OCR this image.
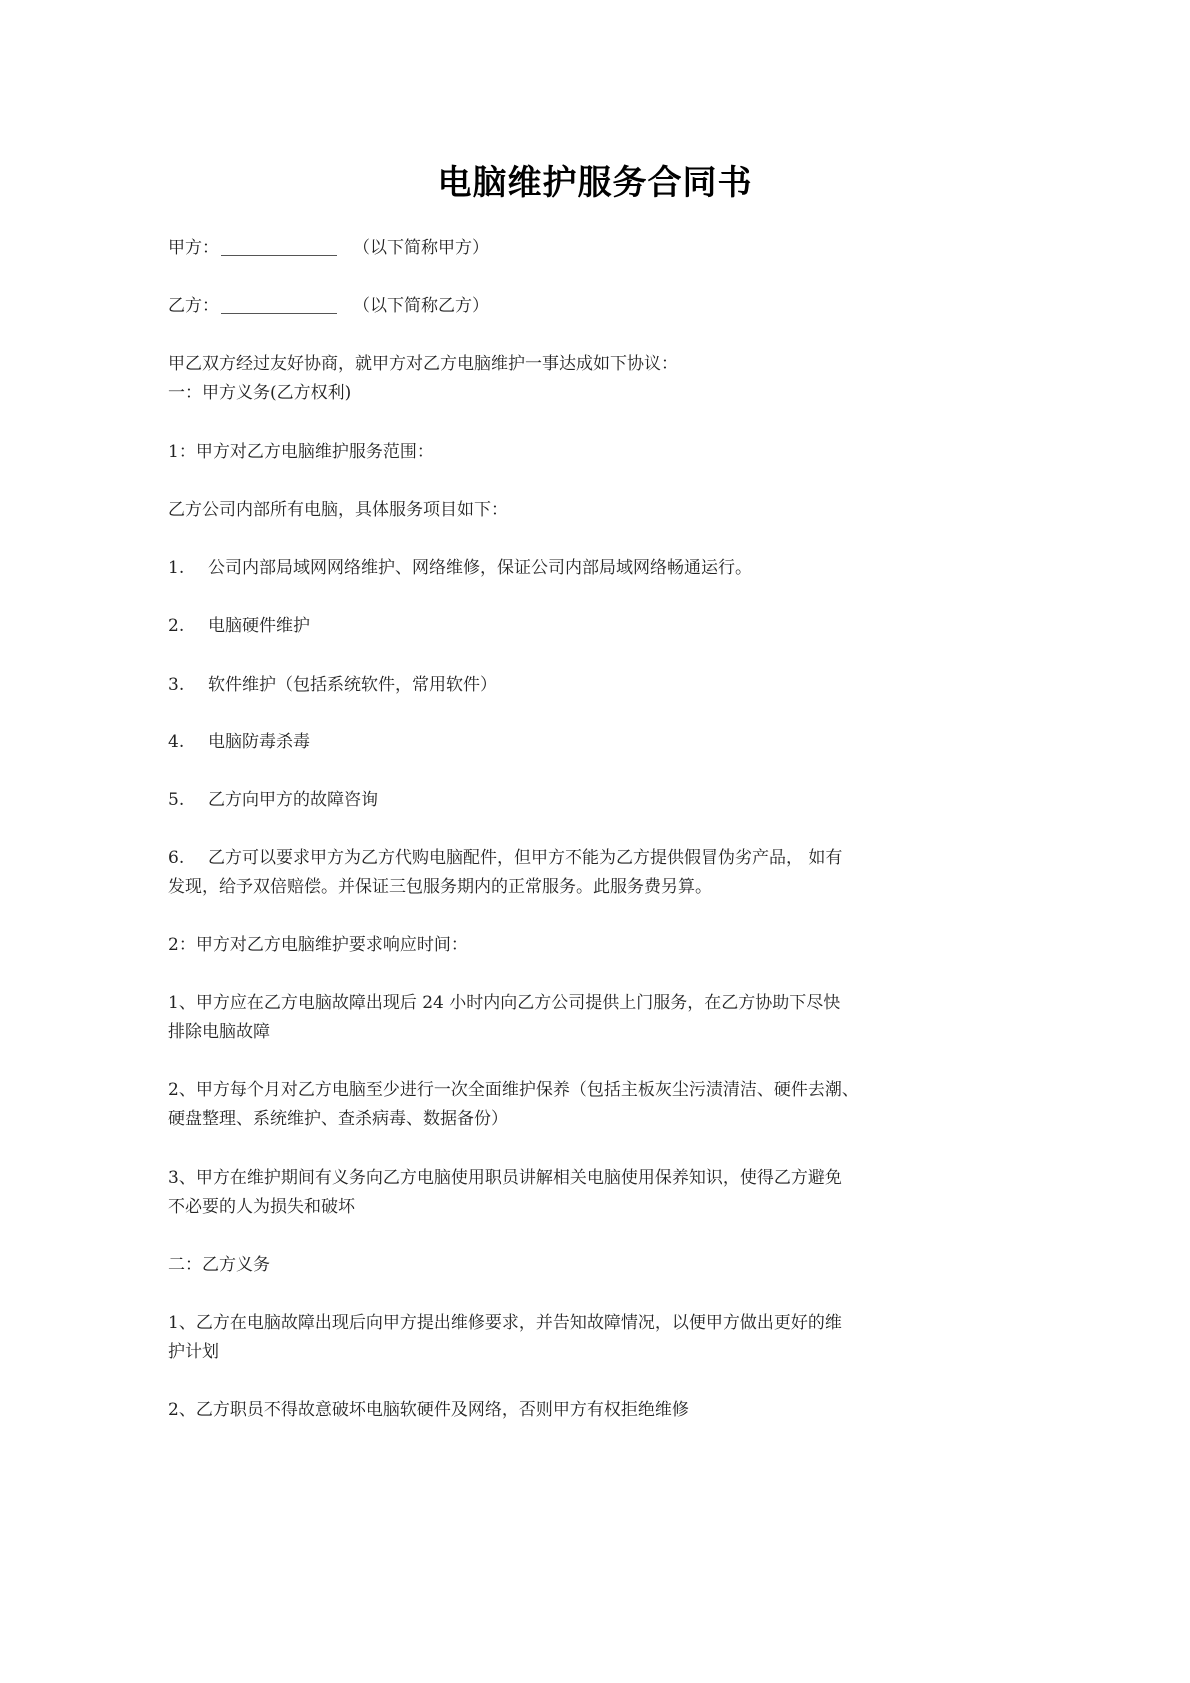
电脑维护服务合同书
甲方：	（以下简称甲方）
乙方：	（以下简称乙方）
甲乙双方经过友好协商，就甲方对乙方电脑维护一事达成如下协议：
一：甲方义务(乙方权利)
1：甲方对乙方电脑维护服务范围：
乙方公司内部所有电脑，具体服务项目如下：
1. 公司内部局域网网络维护、网络维修，保证公司内部局域网络畅通运行。
2. 电脑硬件维护
3. 软件维护（包括系统软件，常用软件）
4. 电脑防毒杀毒
5. 乙方向甲方的故障咨询
6. 乙方可以要求甲方为乙方代购电脑配件，但甲方不能为乙方提供假冒伪劣产品， 如有
发现，给予双倍赔偿。并保证三包服务期内的正常服务。此服务费另算。
2：甲方对乙方电脑维护要求响应时间：
1、甲方应在乙方电脑故障出现后 24 小时内向乙方公司提供上门服务，在乙方协助下尽快
排除电脑故障
2、甲方每个月对乙方电脑至少进行一次全面维护保养（包括主板灰尘污渍清洁、硬件去潮、
硬盘整理、系统维护、查杀病毒、数据备份）
3、甲方在维护期间有义务向乙方电脑使用职员讲解相关电脑使用保养知识，使得乙方避免
不必要的人为损失和破坏
二：乙方义务
1、乙方在电脑故障出现后向甲方提出维修要求，并告知故障情况，以便甲方做出更好的维
护计划
2、乙方职员不得故意破坏电脑软硬件及网络，否则甲方有权拒绝维修
